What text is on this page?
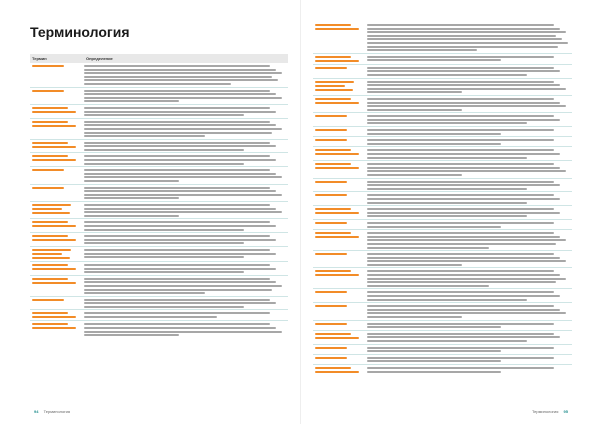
Терминология
Термин	Определение
94 Терминология	Терминология 95
